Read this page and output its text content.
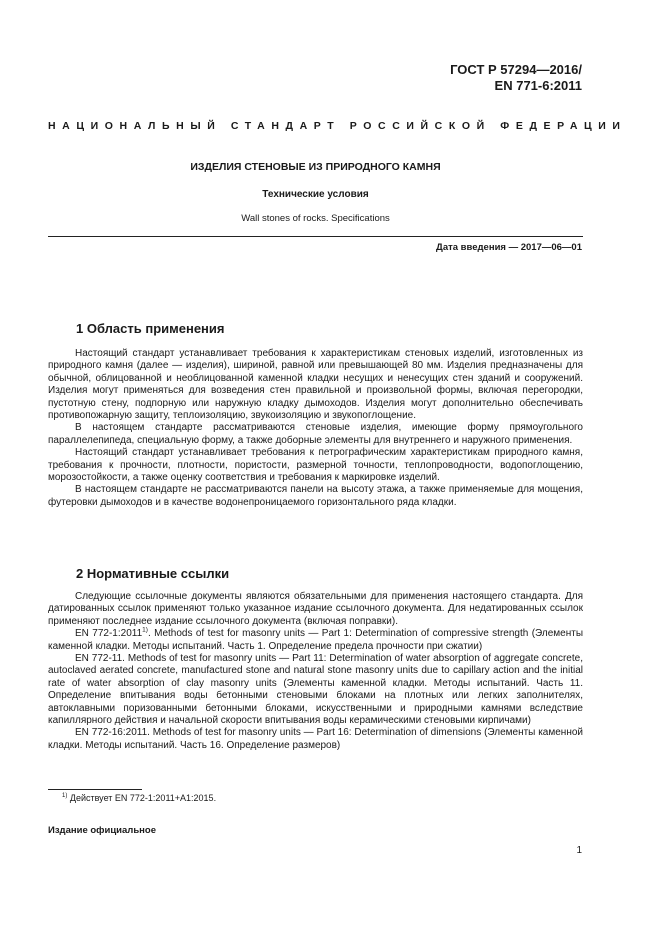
ГОСТ Р 57294—2016/
EN 771-6:2011
НАЦИОНАЛЬНЫЙ СТАНДАРТ РОССИЙСКОЙ ФЕДЕРАЦИИ
ИЗДЕЛИЯ СТЕНОВЫЕ ИЗ ПРИРОДНОГО КАМНЯ
Технические условия
Wall stones of rocks. Specifications
Дата введения — 2017—06—01
1 Область применения

Настоящий стандарт устанавливает требования к характеристикам стеновых изделий, изготовленных из природного камня (далее — изделия), шириной, равной или превышающей 80 мм. Изделия предназначены для обычной, облицованной и необлицованной каменной кладки несущих и ненесущих стен зданий и сооружений. Изделия могут применяться для возведения стен правильной и произвольной формы, включая перегородки, пустотную стену, подпорную или наружную кладку дымоходов. Изделия могут дополнительно обеспечивать противопожарную защиту, теплоизоляцию, звукоизоляцию и звукопоглощение.

В настоящем стандарте рассматриваются стеновые изделия, имеющие форму прямоугольного параллелепипеда, специальную форму, а также доборные элементы для внутреннего и наружного применения.

Настоящий стандарт устанавливает требования к петрографическим характеристикам природного камня, требования к прочности, плотности, пористости, размерной точности, теплопроводности, водопоглощению, морозостойкости, а также оценку соответствия и требования к маркировке изделий.

В настоящем стандарте не рассматриваются панели на высоту этажа, а также применяемые для мощения, футеровки дымоходов и в качестве водонепроницаемого горизонтального ряда кладки.

2 Нормативные ссылки

Следующие ссылочные документы являются обязательными для применения настоящего стандарта. Для датированных ссылок применяют только указанное издание ссылочного документа. Для недатированных ссылок применяют последнее издание ссылочного документа (включая поправки).

EN 772-1:2011$^{1)}$. Methods of test for masonry units — Part 1: Determination of compressive strength (Элементы каменной кладки. Методы испытаний. Часть 1. Определение предела прочности при сжатии)

EN 772-11. Methods of test for masonry units — Part 11: Determination of water absorption of aggregate concrete, autoclaved aerated concrete, manufactured stone and natural stone masonry units due to capillary action and the initial rate of water absorption of clay masonry units (Элементы каменной кладки. Методы испытаний. Часть 11. Определение впитывания воды бетонными стеновыми блоками на плотных или легких заполнителях, автоклавными поризованными бетонными блоками, искусственными и природными камнями вследствие капиллярного действия и начальной скорости впитывания воды керамическими стеновыми кирпичами)

EN 772-16:2011. Methods of test for masonry units — Part 16: Determination of dimensions (Элементы каменной кладки. Методы испытаний. Часть 16. Определение размеров)

$^{1)}$ Действует EN 772-1:2011+A1:2015.
Издание официальное
1
